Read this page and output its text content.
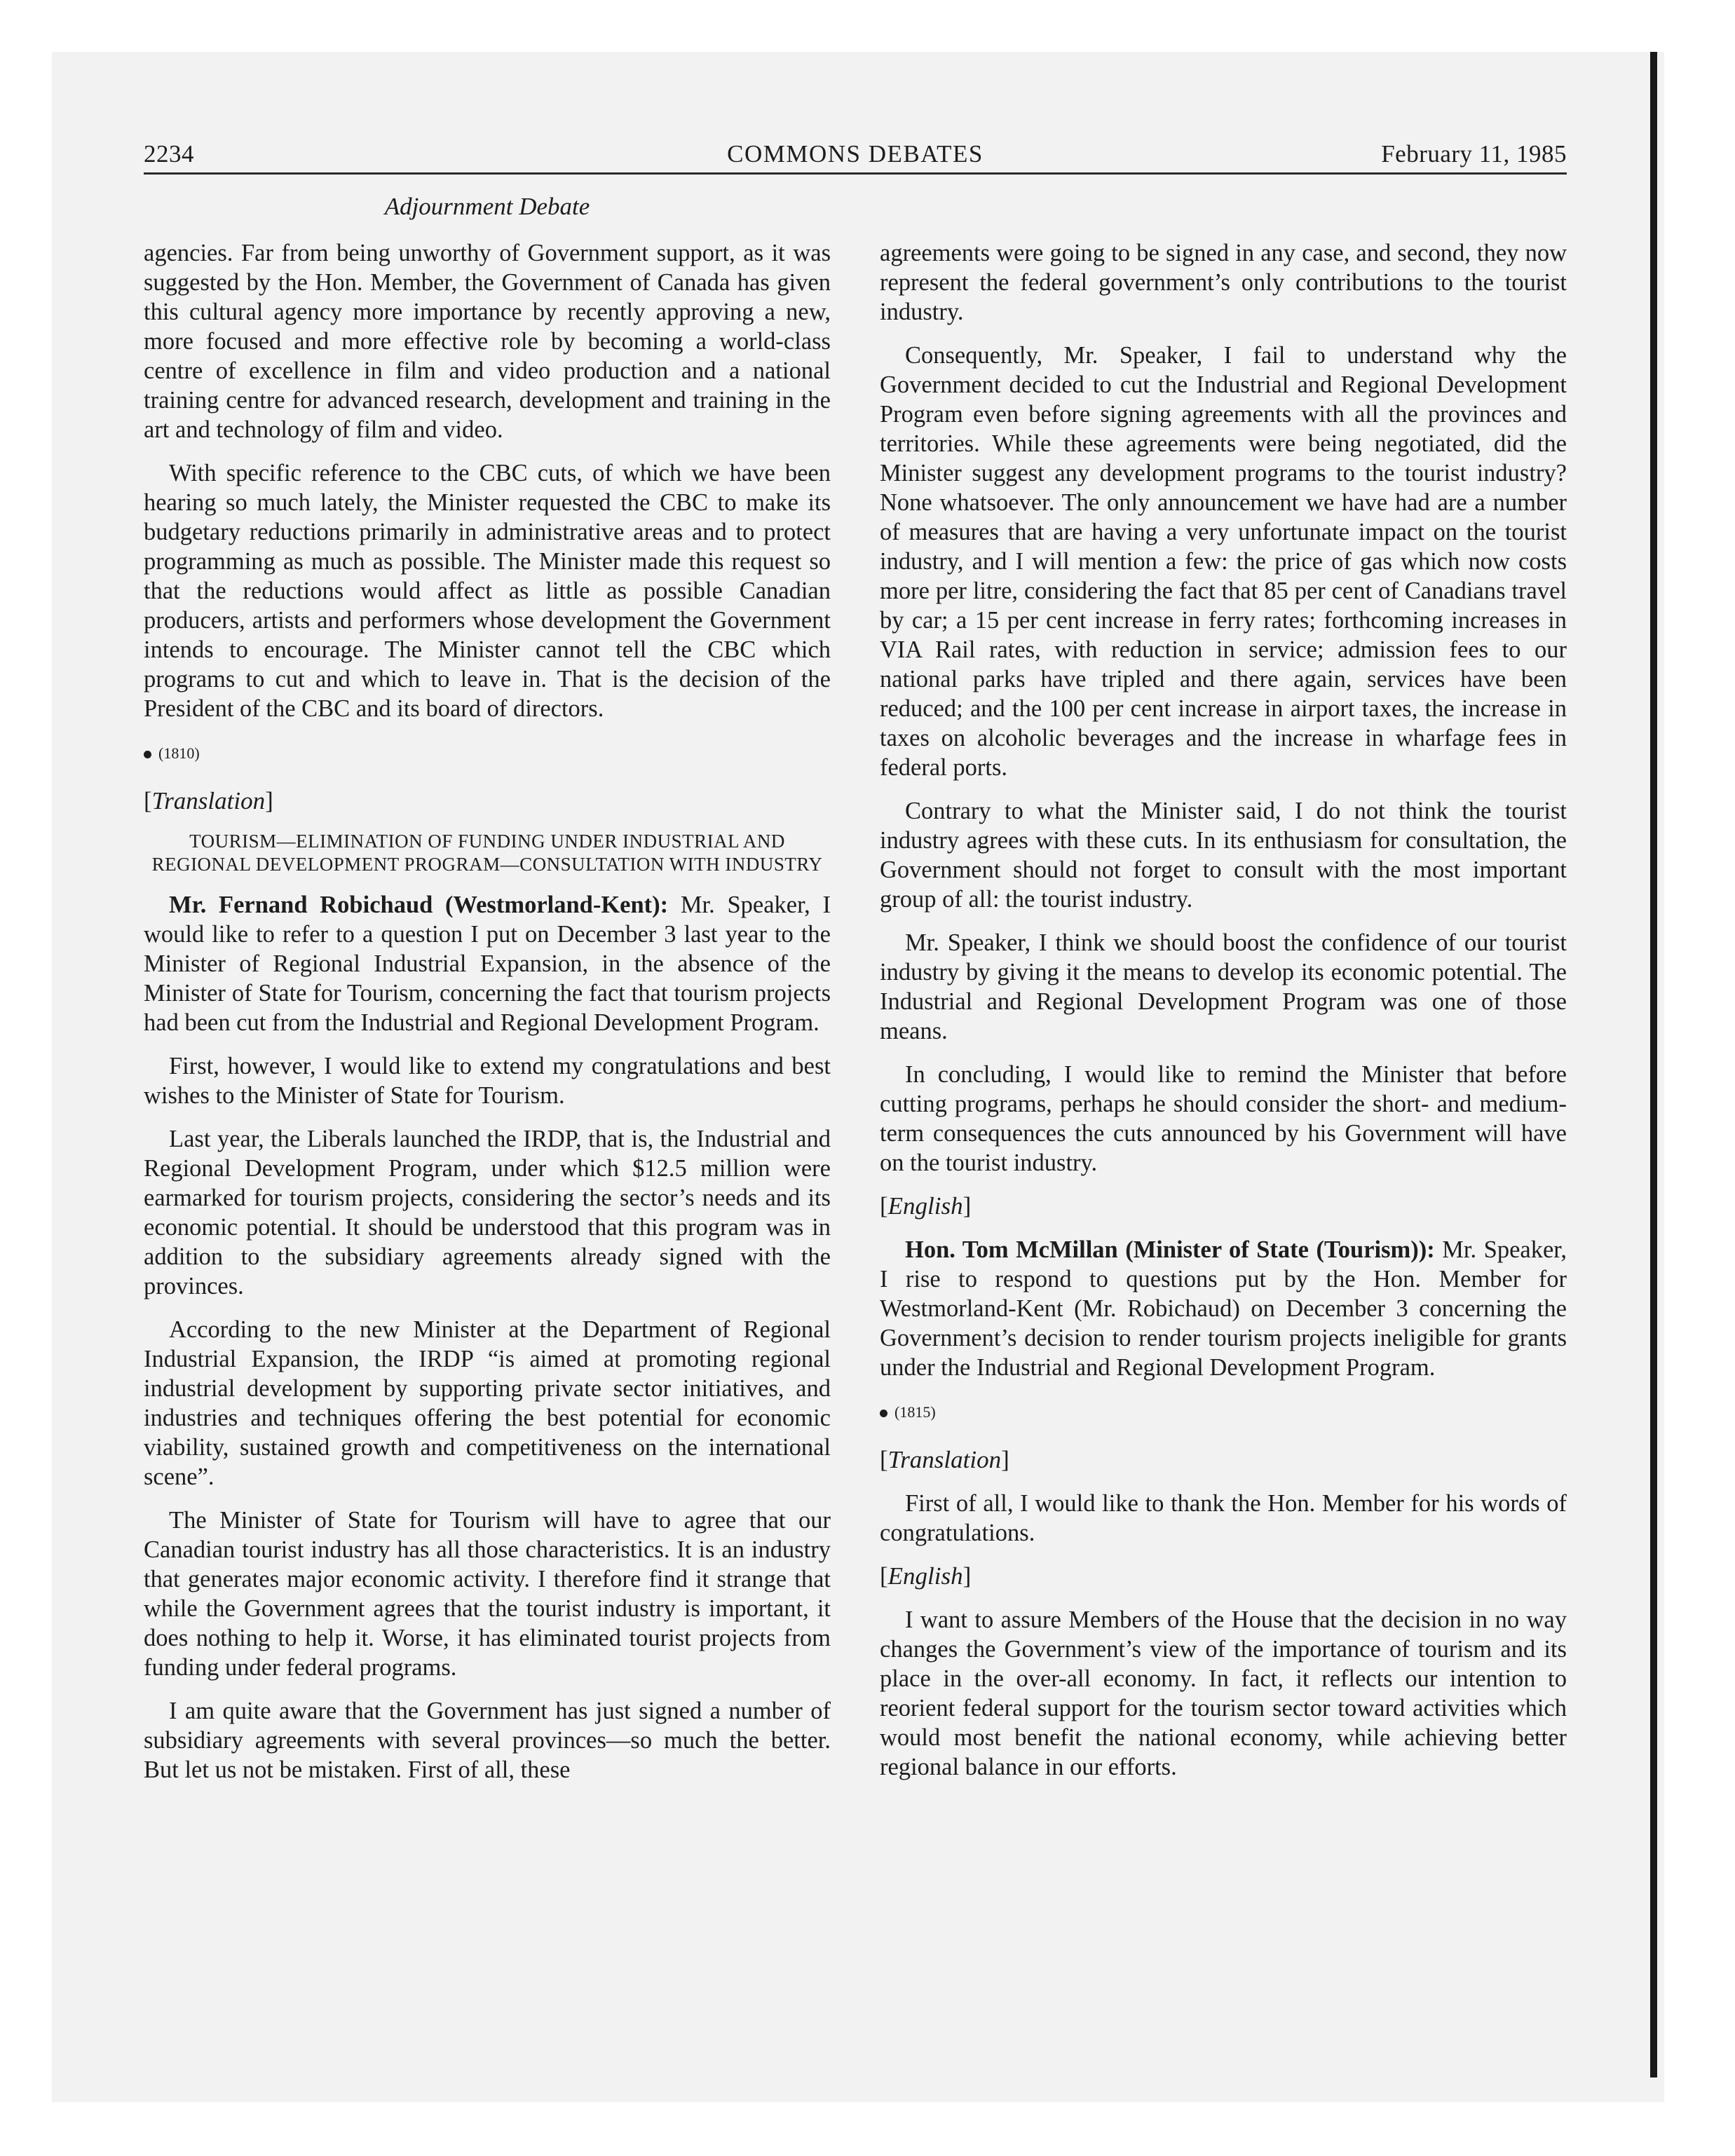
2234	COMMONS DEBATES	February 11, 1985
Adjournment Debate

agencies. Far from being unworthy of Government support, as it was suggested by the Hon. Member, the Government of Canada has given this cultural agency more importance by recently approving a new, more focused and more effective role by becoming a world-class centre of excellence in film and video production and a national training centre for advanced research, development and training in the art and technology of film and video.

With specific reference to the CBC cuts, of which we have been hearing so much lately, the Minister requested the CBC to make its budgetary reductions primarily in administrative areas and to protect programming as much as possible. The Minister made this request so that the reductions would affect as little as possible Canadian producers, artists and performers whose development the Government intends to encourage. The Minister cannot tell the CBC which programs to cut and which to leave in. That is the decision of the President of the CBC and its board of directors.

(1810)
[Translation]
TOURISM—ELIMINATION OF FUNDING UNDER INDUSTRIAL AND REGIONAL DEVELOPMENT PROGRAM—CONSULTATION WITH INDUSTRY

Mr. Fernand Robichaud (Westmorland-Kent): Mr. Speaker, I would like to refer to a question I put on December 3 last year to the Minister of Regional Industrial Expansion, in the absence of the Minister of State for Tourism, concerning the fact that tourism projects had been cut from the Industrial and Regional Development Program.

First, however, I would like to extend my congratulations and best wishes to the Minister of State for Tourism.

Last year, the Liberals launched the IRDP, that is, the Industrial and Regional Development Program, under which $12.5 million were earmarked for tourism projects, considering the sector’s needs and its economic potential. It should be understood that this program was in addition to the subsidiary agreements already signed with the provinces.

According to the new Minister at the Department of Regional Industrial Expansion, the IRDP “is aimed at promoting regional industrial development by supporting private sector initiatives, and industries and techniques offering the best potential for economic viability, sustained growth and competitiveness on the international scene”.

The Minister of State for Tourism will have to agree that our Canadian tourist industry has all those characteristics. It is an industry that generates major economic activity. I therefore find it strange that while the Government agrees that the tourist industry is important, it does nothing to help it. Worse, it has eliminated tourist projects from funding under federal programs.

I am quite aware that the Government has just signed a number of subsidiary agreements with several provinces—so much the better. But let us not be mistaken. First of all, these

agreements were going to be signed in any case, and second, they now represent the federal government’s only contributions to the tourist industry.

Consequently, Mr. Speaker, I fail to understand why the Government decided to cut the Industrial and Regional Development Program even before signing agreements with all the provinces and territories. While these agreements were being negotiated, did the Minister suggest any development programs to the tourist industry? None whatsoever. The only announcement we have had are a number of measures that are having a very unfortunate impact on the tourist industry, and I will mention a few: the price of gas which now costs more per litre, considering the fact that 85 per cent of Canadians travel by car; a 15 per cent increase in ferry rates; forthcoming increases in VIA Rail rates, with reduction in service; admission fees to our national parks have tripled and there again, services have been reduced; and the 100 per cent increase in airport taxes, the increase in taxes on alcoholic beverages and the increase in wharfage fees in federal ports.

Contrary to what the Minister said, I do not think the tourist industry agrees with these cuts. In its enthusiasm for consultation, the Government should not forget to consult with the most important group of all: the tourist industry.

Mr. Speaker, I think we should boost the confidence of our tourist industry by giving it the means to develop its economic potential. The Industrial and Regional Development Program was one of those means.

In concluding, I would like to remind the Minister that before cutting programs, perhaps he should consider the short- and medium-term consequences the cuts announced by his Government will have on the tourist industry.

[English]

Hon. Tom McMillan (Minister of State (Tourism)): Mr. Speaker, I rise to respond to questions put by the Hon. Member for Westmorland-Kent (Mr. Robichaud) on December 3 concerning the Government’s decision to render tourism projects ineligible for grants under the Industrial and Regional Development Program.

(1815)
[Translation]

First of all, I would like to thank the Hon. Member for his words of congratulations.

[English]

I want to assure Members of the House that the decision in no way changes the Government’s view of the importance of tourism and its place in the over-all economy. In fact, it reflects our intention to reorient federal support for the tourism sector toward activities which would most benefit the national economy, while achieving better regional balance in our efforts.
